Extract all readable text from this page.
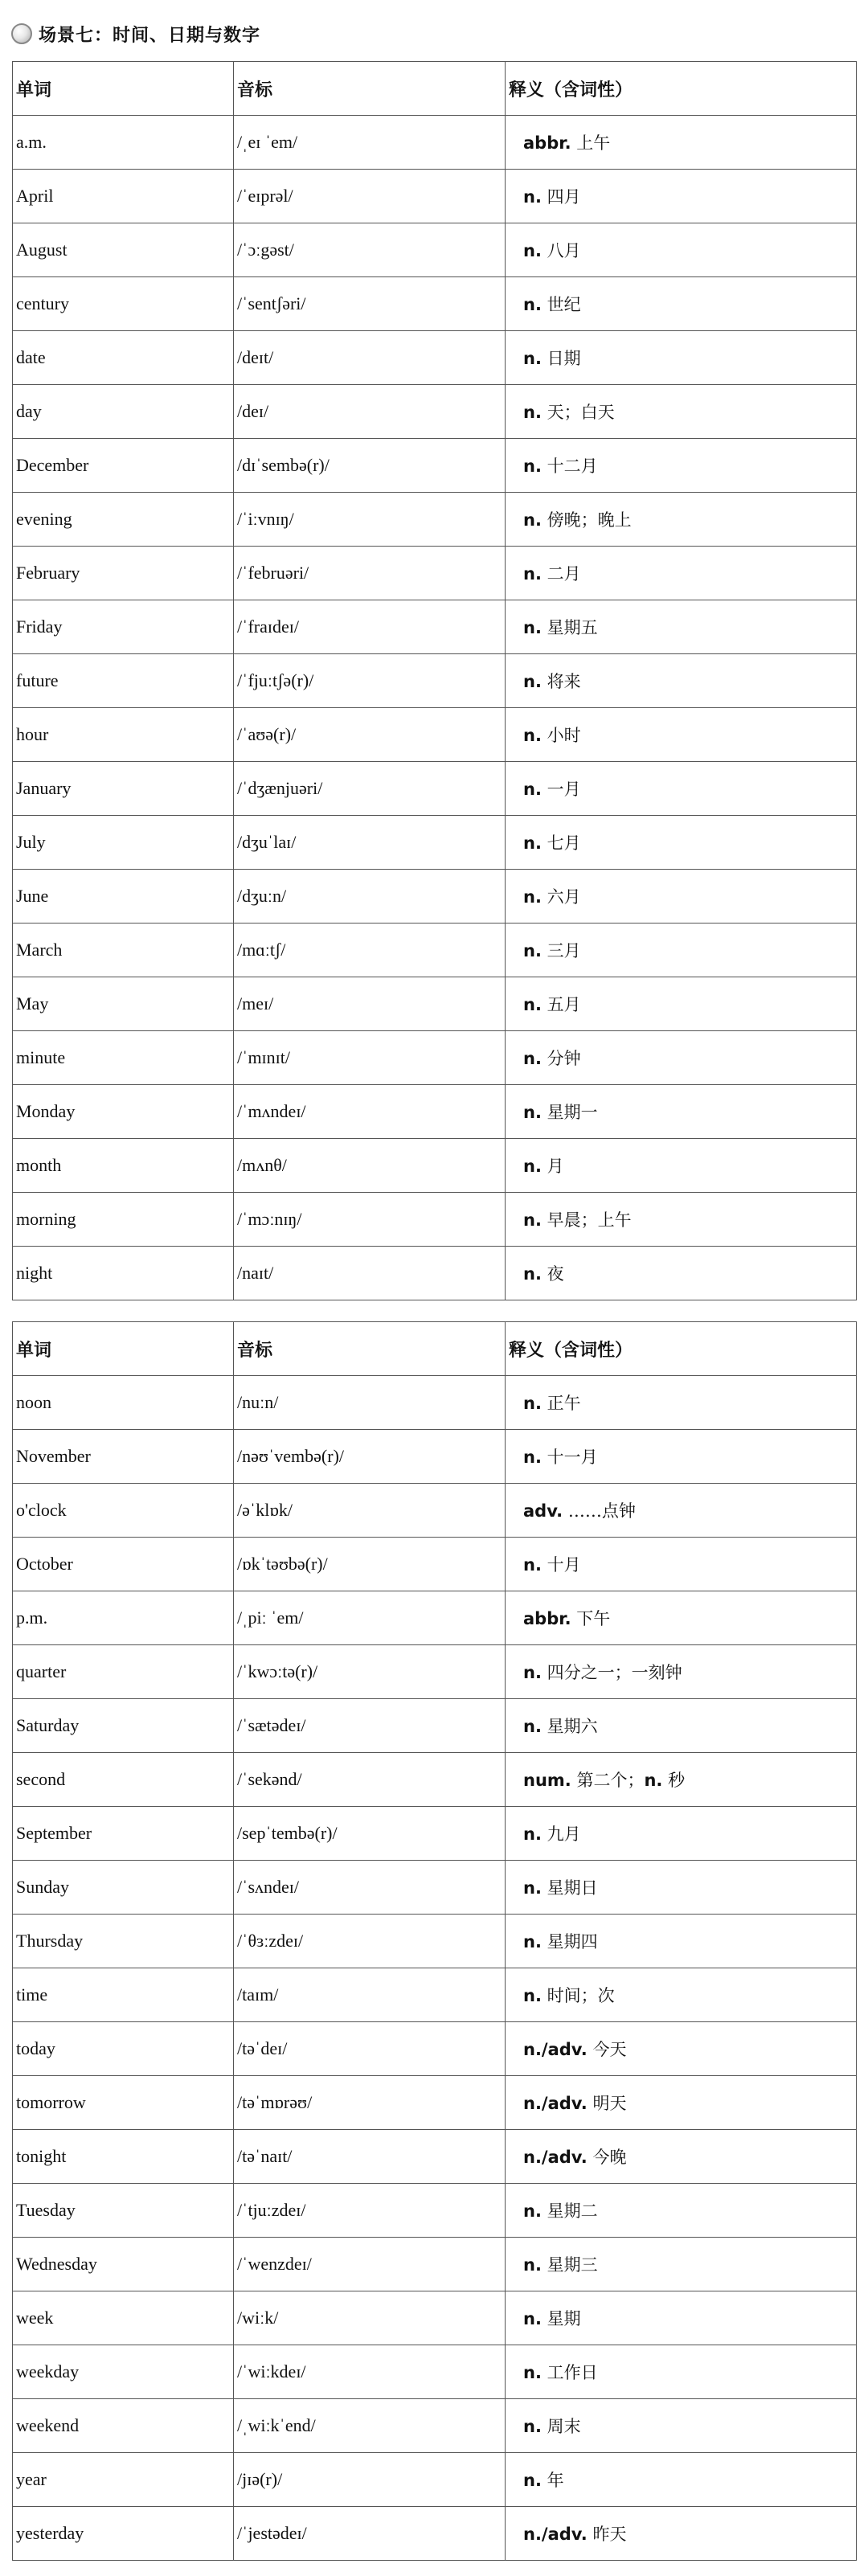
场景七：时间、日期与数字
单词	音标	释义（含词性）
a.m.	/ˌeɪ ˈem/	abbr. 上午
April	/ˈeɪprəl/	n. 四月
August	/ˈɔːgəst/	n. 八月
century	/ˈsentʃəri/	n. 世纪
date	/deɪt/	n. 日期
day	/deɪ/	n. 天；白天
December	/dɪˈsembə(r)/	n. 十二月
evening	/ˈiːvnɪŋ/	n. 傍晚；晚上
February	/ˈfebruəri/	n. 二月
Friday	/ˈfraɪdeɪ/	n. 星期五
future	/ˈfjuːtʃə(r)/	n. 将来
hour	/ˈaʊə(r)/	n. 小时
January	/ˈdʒænjuəri/	n. 一月
July	/dʒuˈlaɪ/	n. 七月
June	/dʒuːn/	n. 六月
March	/mɑːtʃ/	n. 三月
May	/meɪ/	n. 五月
minute	/ˈmɪnɪt/	n. 分钟
Monday	/ˈmʌndeɪ/	n. 星期一
month	/mʌnθ/	n. 月
morning	/ˈmɔːnɪŋ/	n. 早晨；上午
night	/naɪt/	n. 夜
单词	音标	释义（含词性）
noon	/nuːn/	n. 正午
November	/nəʊˈvembə(r)/	n. 十一月
o'clock	/əˈklɒk/	adv. ……点钟
October	/ɒkˈtəʊbə(r)/	n. 十月
p.m.	/ˌpiː ˈem/	abbr. 下午
quarter	/ˈkwɔːtə(r)/	n. 四分之一；一刻钟
Saturday	/ˈsætədeɪ/	n. 星期六
second	/ˈsekənd/	num. 第二个；n. 秒
September	/sepˈtembə(r)/	n. 九月
Sunday	/ˈsʌndeɪ/	n. 星期日
Thursday	/ˈθɜːzdeɪ/	n. 星期四
time	/taɪm/	n. 时间；次
today	/təˈdeɪ/	n./adv. 今天
tomorrow	/təˈmɒrəʊ/	n./adv. 明天
tonight	/təˈnaɪt/	n./adv. 今晚
Tuesday	/ˈtjuːzdeɪ/	n. 星期二
Wednesday	/ˈwenzdeɪ/	n. 星期三
week	/wiːk/	n. 星期
weekday	/ˈwiːkdeɪ/	n. 工作日
weekend	/ˌwiːkˈend/	n. 周末
year	/jɪə(r)/	n. 年
yesterday	/ˈjestədeɪ/	n./adv. 昨天
